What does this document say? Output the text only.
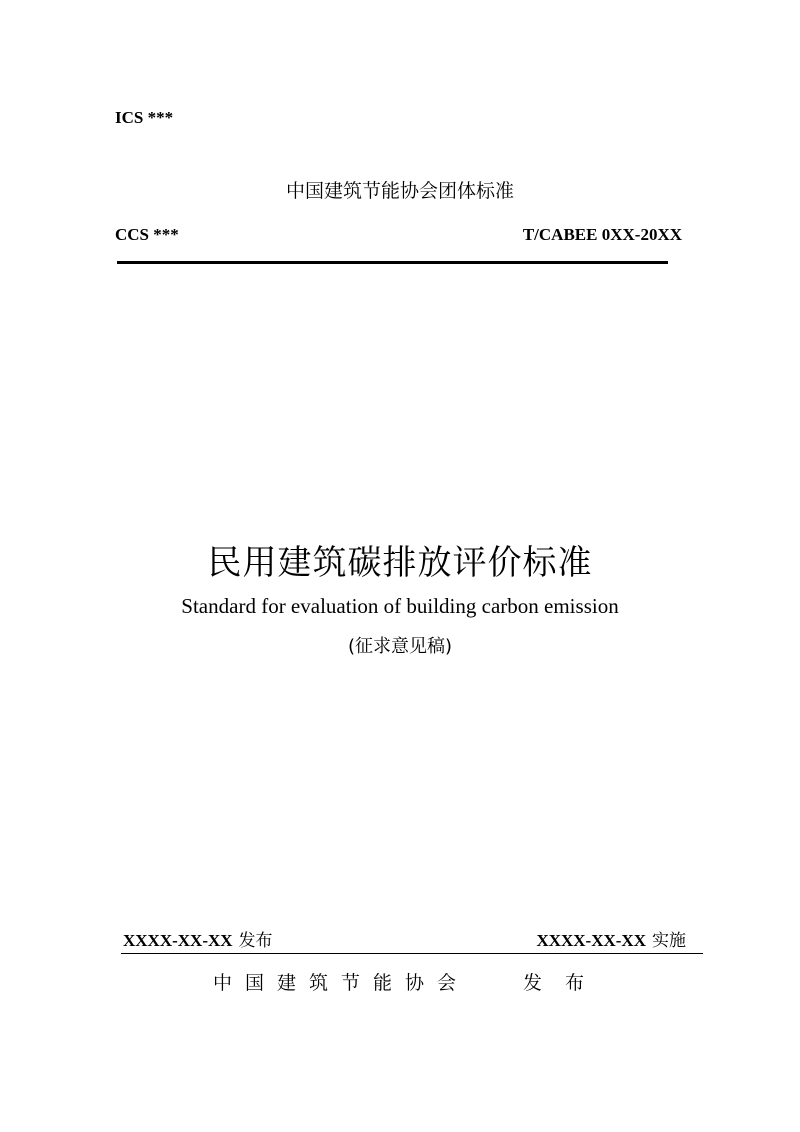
ICS ***
中国建筑节能协会团体标准
CCS ***	T/CABEE 0XX-20XX
民用建筑碳排放评价标准
Standard for evaluation of building carbon emission
(征求意见稿)
XXXX-XX-XX 发布	XXXX-XX-XX 实施
中国建筑节能协会	发布
